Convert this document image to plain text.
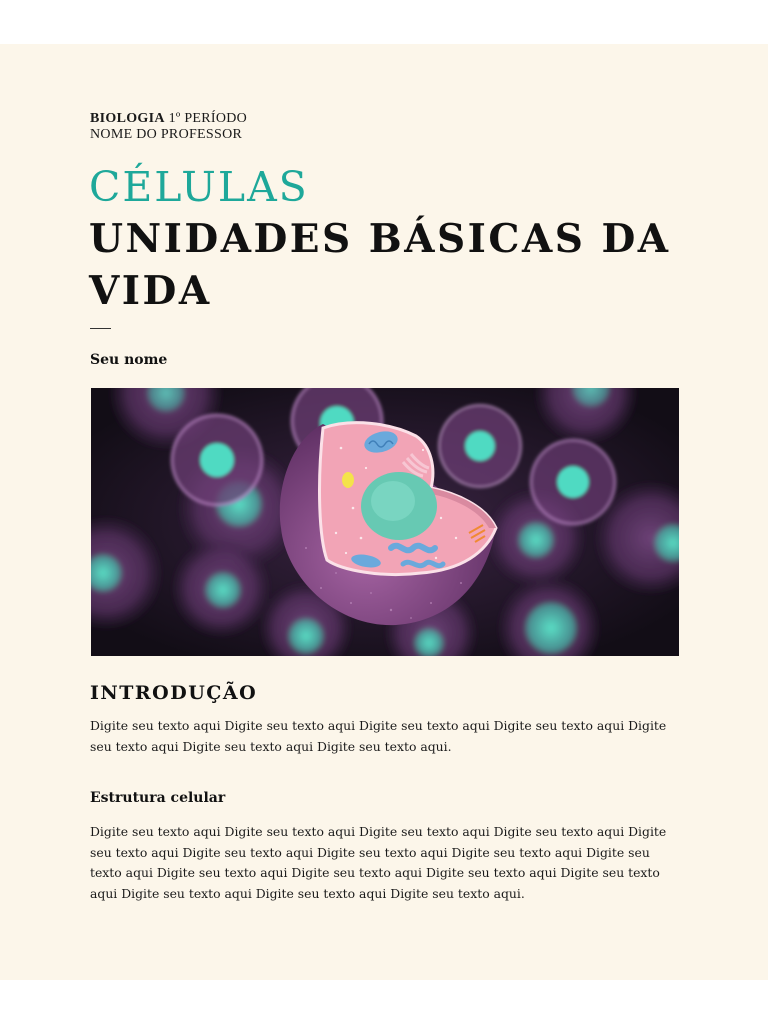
BIOLOGIA 1º PERÍODO
NOME DO PROFESSOR
CÉLULAS
UNIDADES BÁSICAS DA VIDA
Seu nome
INTRODUÇÃO
Digite seu texto aqui Digite seu texto aqui Digite seu texto aqui Digite seu texto aqui Digite seu texto aqui Digite seu texto aqui Digite seu texto aqui.
Estrutura celular
Digite seu texto aqui Digite seu texto aqui Digite seu texto aqui Digite seu texto aqui Digite seu texto aqui Digite seu texto aqui Digite seu texto aqui Digite seu texto aqui Digite seu texto aqui Digite seu texto aqui Digite seu texto aqui Digite seu texto aqui Digite seu texto aqui Digite seu texto aqui Digite seu texto aqui Digite seu texto aqui.
